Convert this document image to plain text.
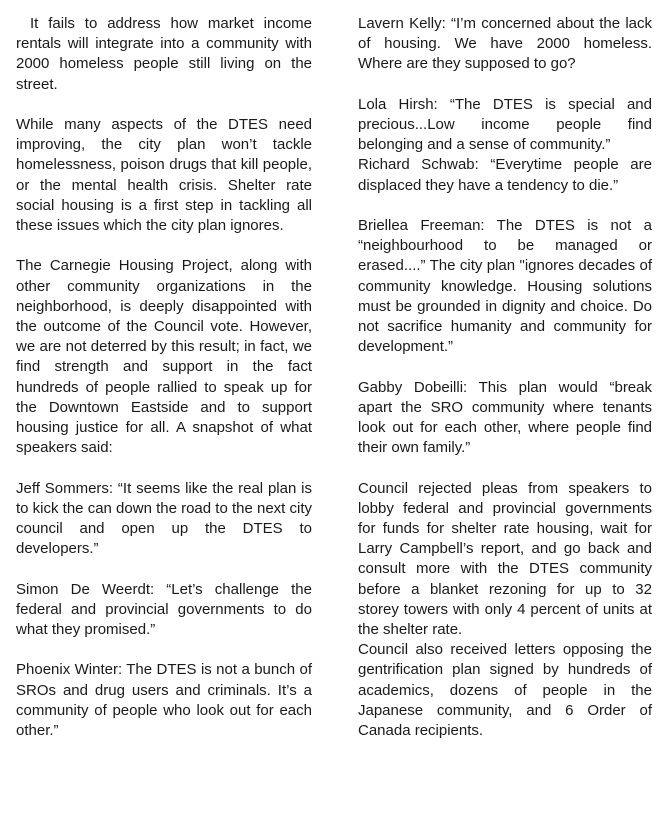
It fails to address how market income rentals will integrate into a community with 2000 homeless people still living on the street.

While many aspects of the DTES need improving, the city plan won’t tackle homelessness, poison drugs that kill people, or the mental health crisis. Shelter rate social housing is a first step in tackling all these issues which the city plan ignores.

The Carnegie Housing Project, along with other community organizations in the neighborhood, is deeply disappointed with the outcome of the Council vote. However, we are not deterred by this result; in fact, we find strength and support in the fact hundreds of people rallied to speak up for the Downtown Eastside and to support housing justice for all. A snapshot of what speakers said:

Jeff Sommers: “It seems like the real plan is to kick the can down the road to the next city council and open up the DTES to developers.”

Simon De Weerdt: “Let’s challenge the federal and provincial governments to do what they promised.”

Phoenix Winter: The DTES is not a bunch of SROs and drug users and criminals. It’s a community of people who look out for each other.”

Lavern Kelly: “I’m concerned about the lack of housing. We have 2000 homeless. Where are they supposed to go?

Lola Hirsh: “The DTES is special and precious...Low income people find belonging and a sense of community.”

Richard Schwab: “Everytime people are displaced they have a tendency to die.”

Briellea Freeman: The DTES is not a “neighbourhood to be managed or erased....” The city plan "ignores decades of community knowledge. Housing solutions must be grounded in dignity and choice. Do not sacrifice humanity and community for development.”

Gabby Dobeilli: This plan would “break apart the SRO community where tenants look out for each other, where people find their own family.”

Council rejected pleas from speakers to lobby federal and provincial governments for funds for shelter rate housing, wait for Larry Campbell’s report, and go back and consult more with the DTES community before a blanket rezoning for up to 32 storey towers with only 4 percent of units at the shelter rate.

Council also received letters opposing the gentrification plan signed by hundreds of academics, dozens of people in the Japanese community, and 6 Order of Canada recipients.
